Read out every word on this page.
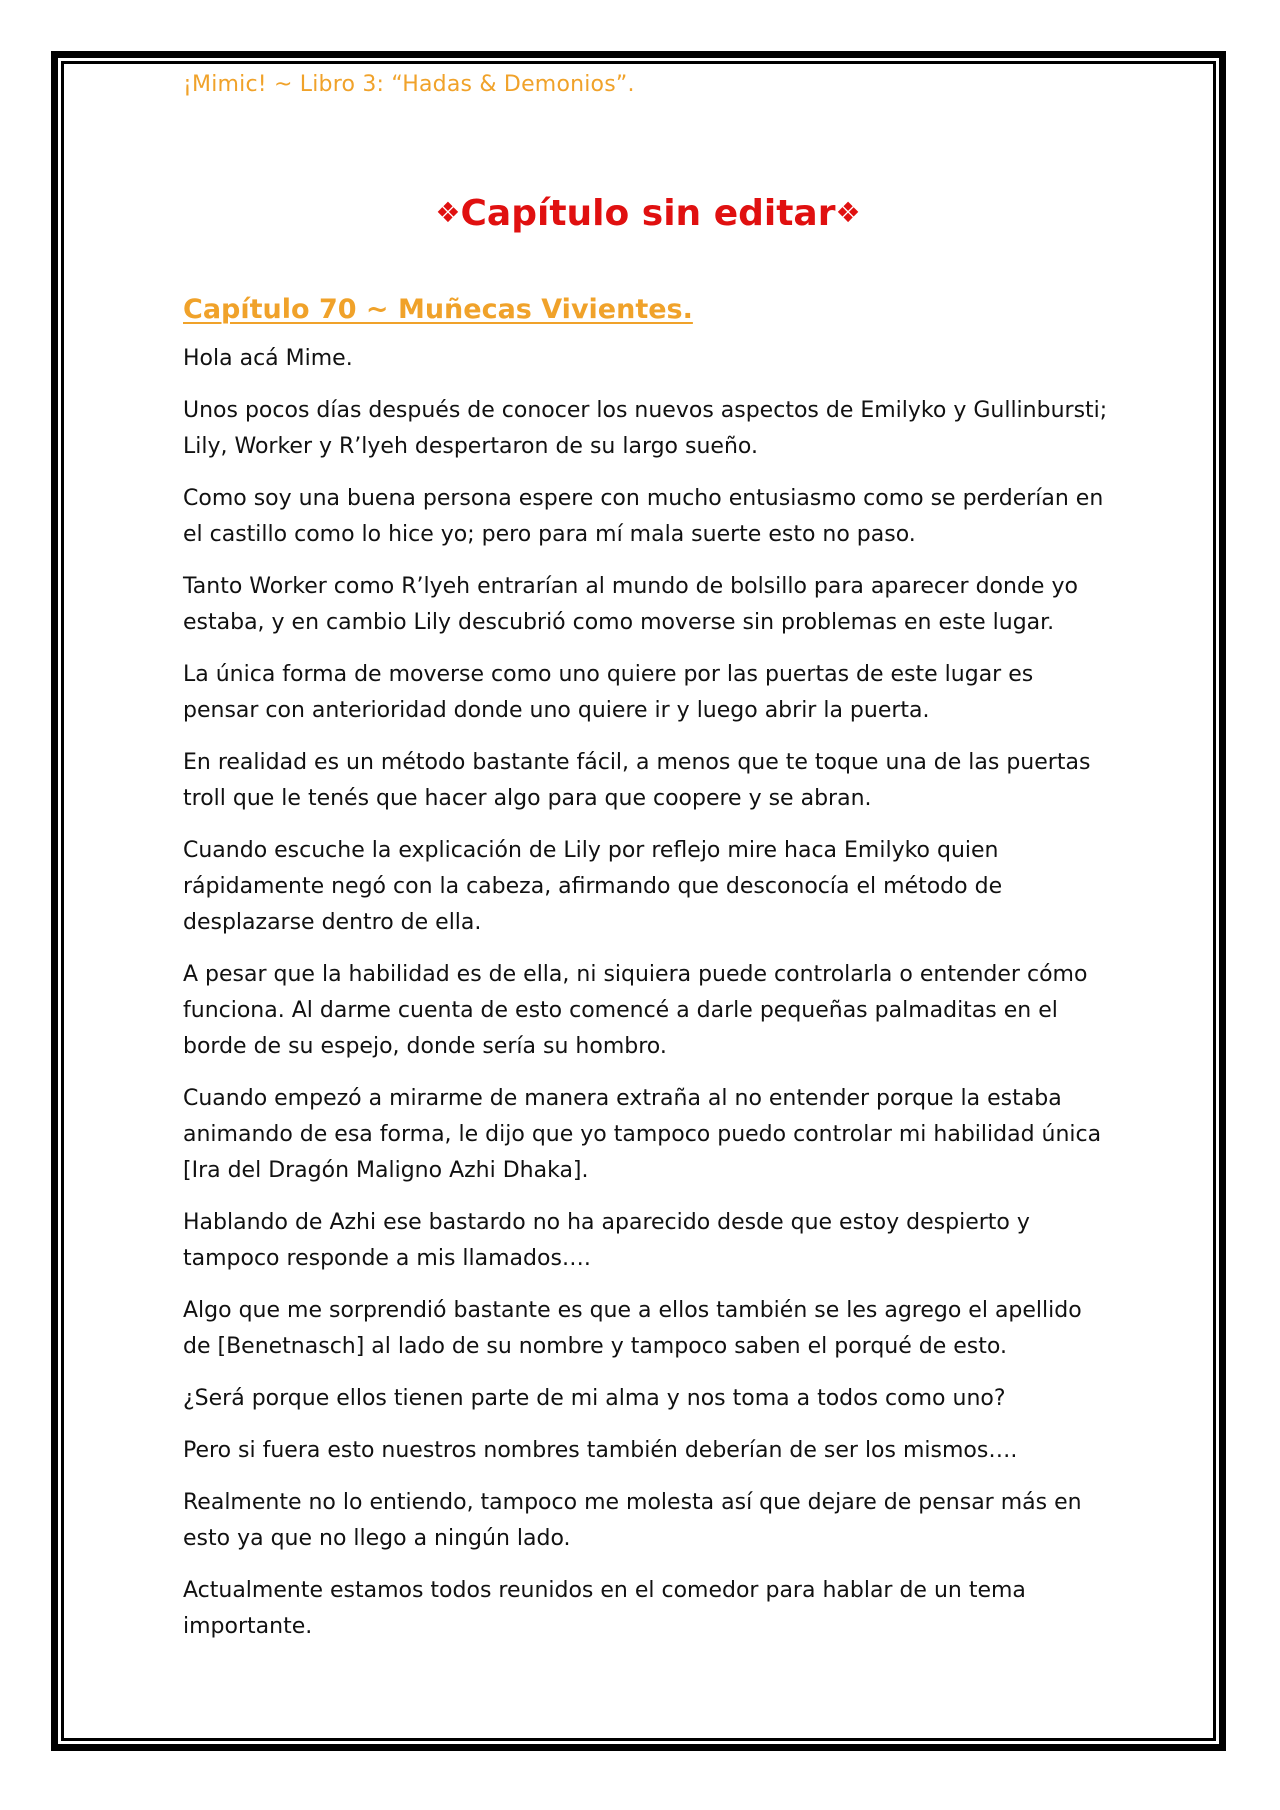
¡Mimic! ~ Libro 3: “Hadas & Demonios”.

❖Capítulo sin editar❖
Capítulo 70 ~ Muñecas Vivientes.

Hola acá Mime.

Unos pocos días después de conocer los nuevos aspectos de Emilyko y Gullinbursti; Lily, Worker y R’lyeh despertaron de su largo sueño.

Como soy una buena persona espere con mucho entusiasmo como se perderían en el castillo como lo hice yo; pero para mí mala suerte esto no paso.

Tanto Worker como R’lyeh entrarían al mundo de bolsillo para aparecer donde yo estaba, y en cambio Lily descubrió como moverse sin problemas en este lugar.

La única forma de moverse como uno quiere por las puertas de este lugar es pensar con anterioridad donde uno quiere ir y luego abrir la puerta.

En realidad es un método bastante fácil, a menos que te toque una de las puertas troll que le tenés que hacer algo para que coopere y se abran.

Cuando escuche la explicación de Lily por reflejo mire haca Emilyko quien rápidamente negó con la cabeza, afirmando que desconocía el método de desplazarse dentro de ella.

A pesar que la habilidad es de ella, ni siquiera puede controlarla o entender cómo funciona. Al darme cuenta de esto comencé a darle pequeñas palmaditas en el borde de su espejo, donde sería su hombro.

Cuando empezó a mirarme de manera extraña al no entender porque la estaba animando de esa forma, le dijo que yo tampoco puedo controlar mi habilidad única [Ira del Dragón Maligno Azhi Dhaka].

Hablando de Azhi ese bastardo no ha aparecido desde que estoy despierto y tampoco responde a mis llamados….

Algo que me sorprendió bastante es que a ellos también se les agrego el apellido de [Benetnasch] al lado de su nombre y tampoco saben el porqué de esto.

¿Será porque ellos tienen parte de mi alma y nos toma a todos como uno?

Pero si fuera esto nuestros nombres también deberían de ser los mismos….

Realmente no lo entiendo, tampoco me molesta así que dejare de pensar más en esto ya que no llego a ningún lado.

Actualmente estamos todos reunidos en el comedor para hablar de un tema importante.
